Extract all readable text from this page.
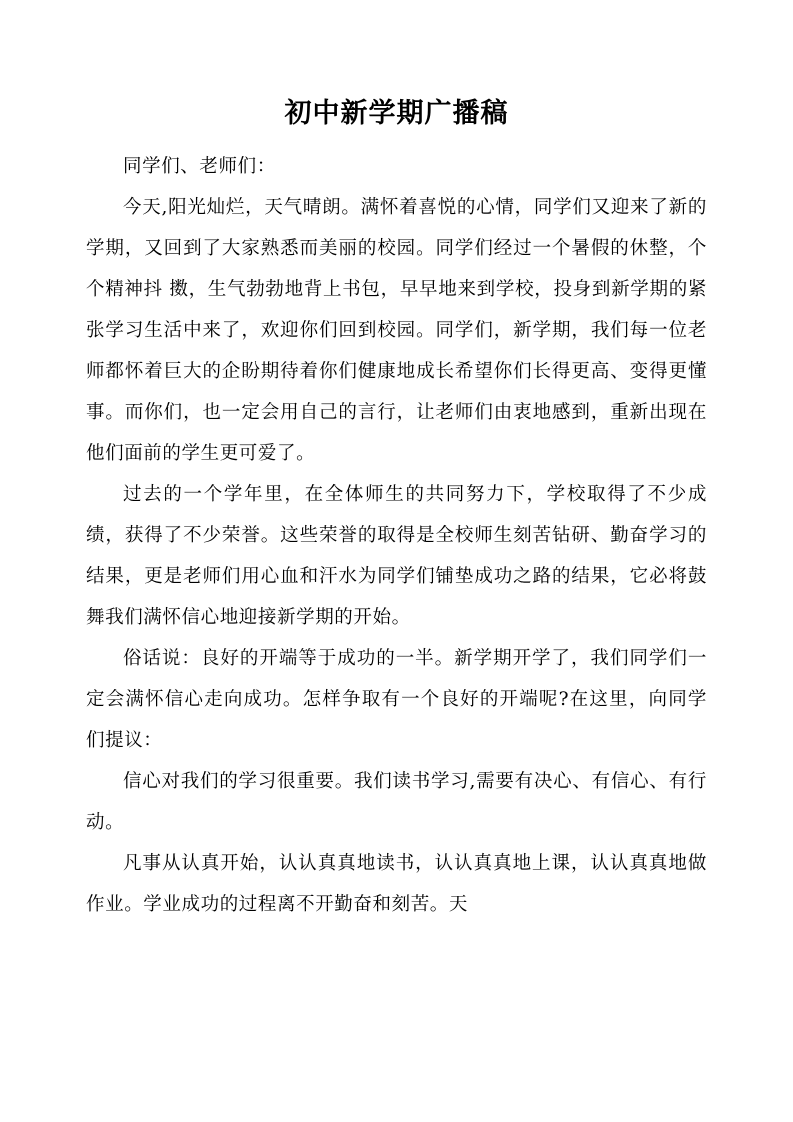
初中新学期广播稿

同学们、老师们：

今天,阳光灿烂，天气晴朗。满怀着喜悦的心情，同学们又迎来了新的学期，又回到了大家熟悉而美丽的校园。同学们经过一个暑假的休整，个个精神抖 擞，生气勃勃地背上书包，早早地来到学校，投身到新学期的紧张学习生活中来了，欢迎你们回到校园。同学们，新学期，我们每一位老师都怀着巨大的企盼期待着你们健康地成长希望你们长得更高、变得更懂事。而你们，也一定会用自己的言行，让老师们由衷地感到，重新出现在他们面前的学生更可爱了。

过去的一个学年里，在全体师生的共同努力下，学校取得了不少成绩，获得了不少荣誉。这些荣誉的取得是全校师生刻苦钻研、勤奋学习的结果，更是老师们用心血和汗水为同学们铺垫成功之路的结果，它必将鼓舞我们满怀信心地迎接新学期的开始。

俗话说：良好的开端等于成功的一半。新学期开学了，我们同学们一定会满怀信心走向成功。怎样争取有一个良好的开端呢?在这里，向同学们提议：

信心对我们的学习很重要。我们读书学习,需要有决心、有信心、有行动。

凡事从认真开始，认认真真地读书，认认真真地上课，认认真真地做作业。学业成功的过程离不开勤奋和刻苦。天
